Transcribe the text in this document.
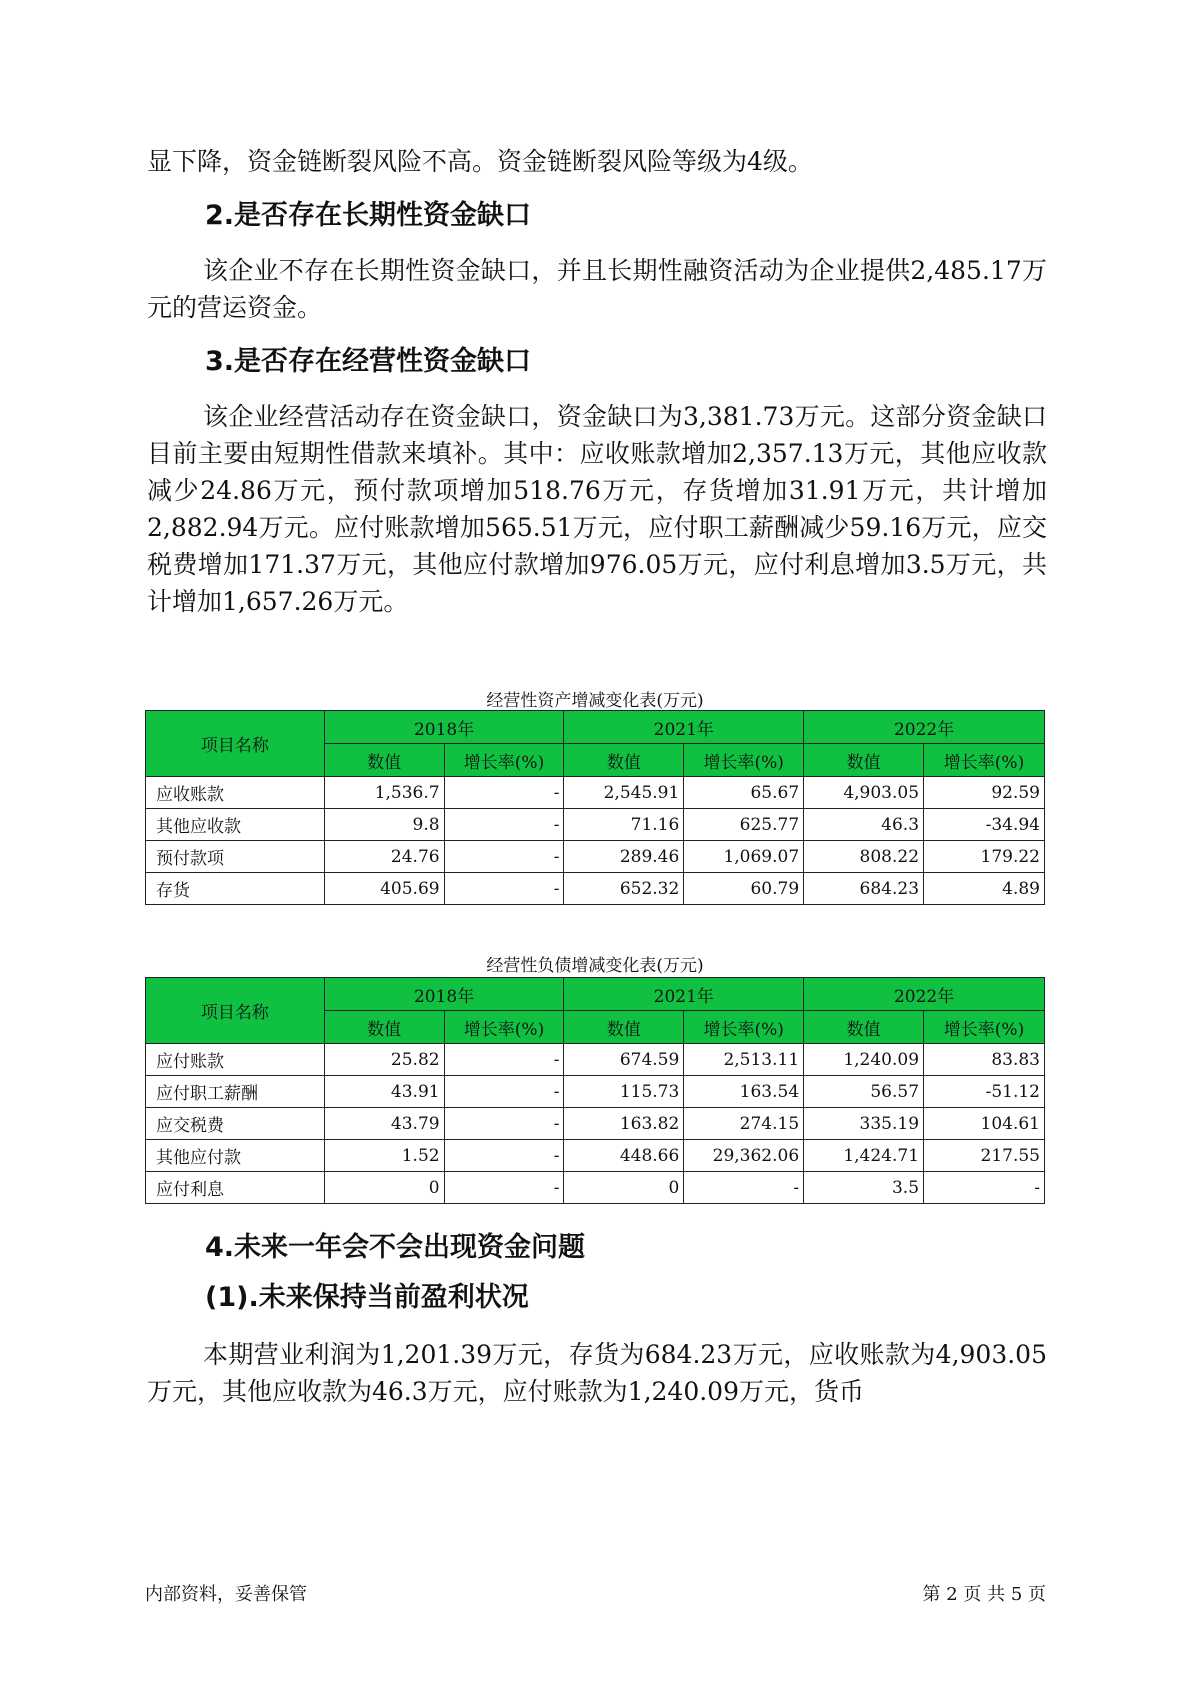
显下降，资金链断裂风险不高。资金链断裂风险等级为4级。

2.是否存在长期性资金缺口

该企业不存在长期性资金缺口，并且长期性融资活动为企业提供2,485.17万元的营运资金。

3.是否存在经营性资金缺口

该企业经营活动存在资金缺口，资金缺口为3,381.73万元。这部分资金缺口目前主要由短期性借款来填补。其中：应收账款增加2,357.13万元，其他应收款减少24.86万元，预付款项增加518.76万元，存货增加31.91万元，共计增加2,882.94万元。应付账款增加565.51万元，应付职工薪酬减少59.16万元，应交税费增加171.37万元，其他应付款增加976.05万元，应付利息增加3.5万元，共计增加1,657.26万元。

经营性资产增减变化表(万元)
项目名称	2018年		2021年		2022年	
	数值	增长率(%)	数值	增长率(%)	数值	增长率(%)
应收账款	1,536.7	-	2,545.91	65.67	4,903.05	92.59
其他应收款	9.8	-	71.16	625.77	46.3	-34.94
预付款项	24.76	-	289.46	1,069.07	808.22	179.22
存货	405.69	-	652.32	60.79	684.23	4.89
经营性负债增减变化表(万元)
项目名称	2018年		2021年		2022年	
	数值	增长率(%)	数值	增长率(%)	数值	增长率(%)
应付账款	25.82	-	674.59	2,513.11	1,240.09	83.83
应付职工薪酬	43.91	-	115.73	163.54	56.57	-51.12
应交税费	43.79	-	163.82	274.15	335.19	104.61
其他应付款	1.52	-	448.66	29,362.06	1,424.71	217.55
应付利息	0	-	0	-	3.5	-
4.未来一年会不会出现资金问题
(1).未来保持当前盈利状况

本期营业利润为1,201.39万元，存货为684.23万元，应收账款为4,903.05万元，其他应收款为46.3万元，应付账款为1,240.09万元，货币

内部资料，妥善保管	第 2 页 共 5 页
